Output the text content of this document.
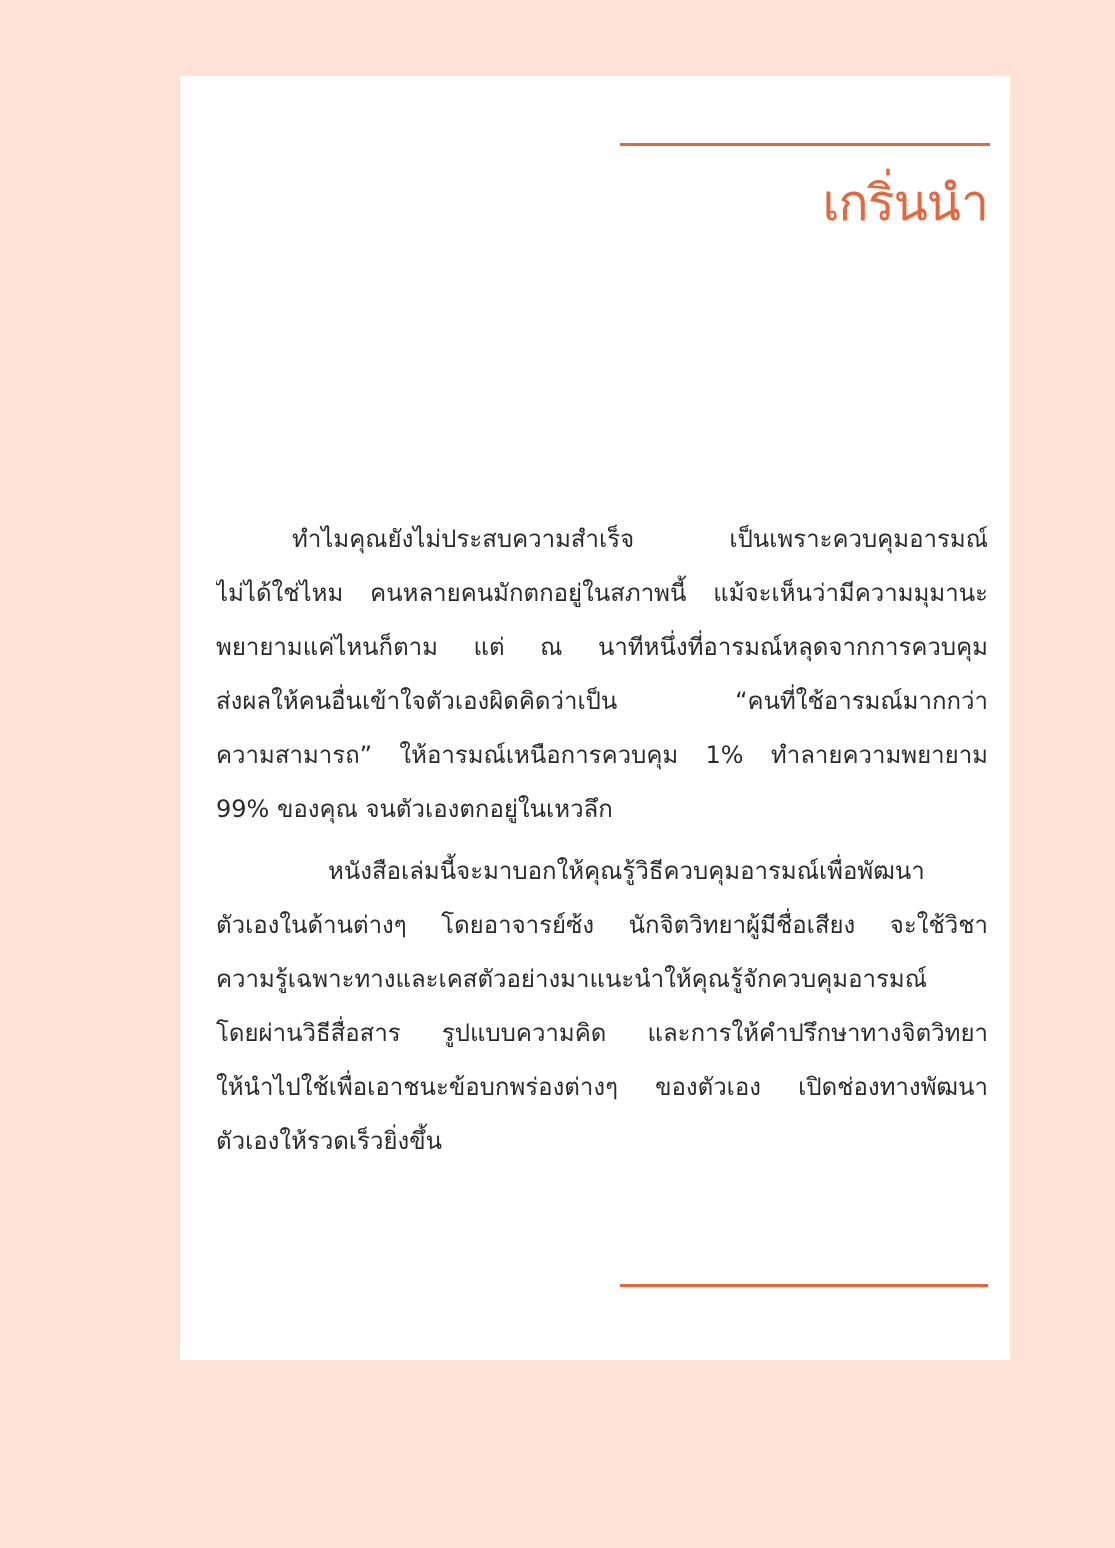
เกริ่นนำ

ทำไมคุณยังไม่ประสบความสำเร็จ เป็นเพราะควบคุมอารมณ์
ไม่ได้ใช่ไหม คนหลายคนมักตกอยู่ในสภาพนี้ แม้จะเห็นว่ามีความมุมานะ
พยายามแค่ไหนก็ตาม แต่ ณ นาทีหนึ่งที่อารมณ์หลุดจากการควบคุม
ส่งผลให้คนอื่นเข้าใจตัวเองผิดคิดว่าเป็น “คนที่ใช้อารมณ์มากกว่า
ความสามารถ” ให้อารมณ์เหนือการควบคุม 1% ทำลายความพยายาม
99% ของคุณ จนตัวเองตกอยู่ในเหวลึก

หนังสือเล่มนี้จะมาบอกให้คุณรู้วิธีควบคุมอารมณ์เพื่อพัฒนา
ตัวเองในด้านต่างๆ โดยอาจารย์ซ้ง นักจิตวิทยาผู้มีชื่อเสียง จะใช้วิชา
ความรู้เฉพาะทางและเคสตัวอย่างมาแนะนำให้คุณรู้จักควบคุมอารมณ์
โดยผ่านวิธีสื่อสาร รูปแบบความคิด และการให้คำปรึกษาทางจิตวิทยา
ให้นำไปใช้เพื่อเอาชนะข้อบกพร่องต่างๆ ของตัวเอง เปิดช่องทางพัฒนา
ตัวเองให้รวดเร็วยิ่งขึ้น
